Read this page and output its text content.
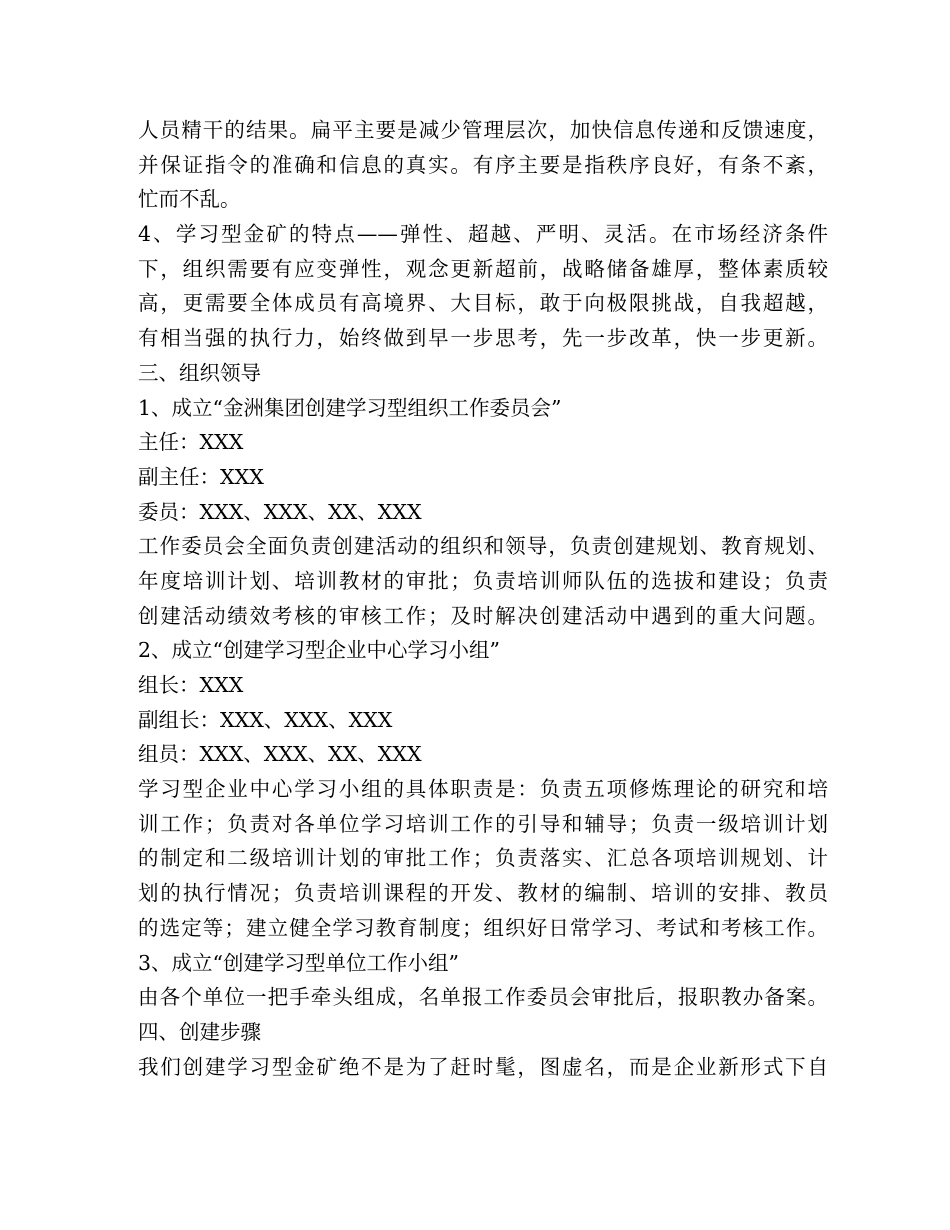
人员精干的结果。扁平主要是减少管理层次，加快信息传递和反馈速度，
并保证指令的准确和信息的真实。有序主要是指秩序良好，有条不紊，
忙而不乱。
4、学习型金矿的特点——弹性、超越、严明、灵活。在市场经济条件
下，组织需要有应变弹性，观念更新超前，战略储备雄厚，整体素质较
高，更需要全体成员有高境界、大目标，敢于向极限挑战，自我超越，
有相当强的执行力，始终做到早一步思考，先一步改革，快一步更新。
三、组织领导
1、成立“金洲集团创建学习型组织工作委员会”
主任：XXX
副主任：XXX
委员：XXX、XXX、XX、XXX
工作委员会全面负责创建活动的组织和领导，负责创建规划、教育规划、
年度培训计划、培训教材的审批；负责培训师队伍的选拔和建设；负责
创建活动绩效考核的审核工作；及时解决创建活动中遇到的重大问题。
2、成立“创建学习型企业中心学习小组”
组长：XXX
副组长：XXX、XXX、XXX
组员：XXX、XXX、XX、XXX
学习型企业中心学习小组的具体职责是：负责五项修炼理论的研究和培
训工作；负责对各单位学习培训工作的引导和辅导；负责一级培训计划
的制定和二级培训计划的审批工作；负责落实、汇总各项培训规划、计
划的执行情况；负责培训课程的开发、教材的编制、培训的安排、教员
的选定等；建立健全学习教育制度；组织好日常学习、考试和考核工作。
3、成立“创建学习型单位工作小组”
由各个单位一把手牵头组成，名单报工作委员会审批后，报职教办备案。
四、创建步骤
我们创建学习型金矿绝不是为了赶时髦，图虚名，而是企业新形式下自
